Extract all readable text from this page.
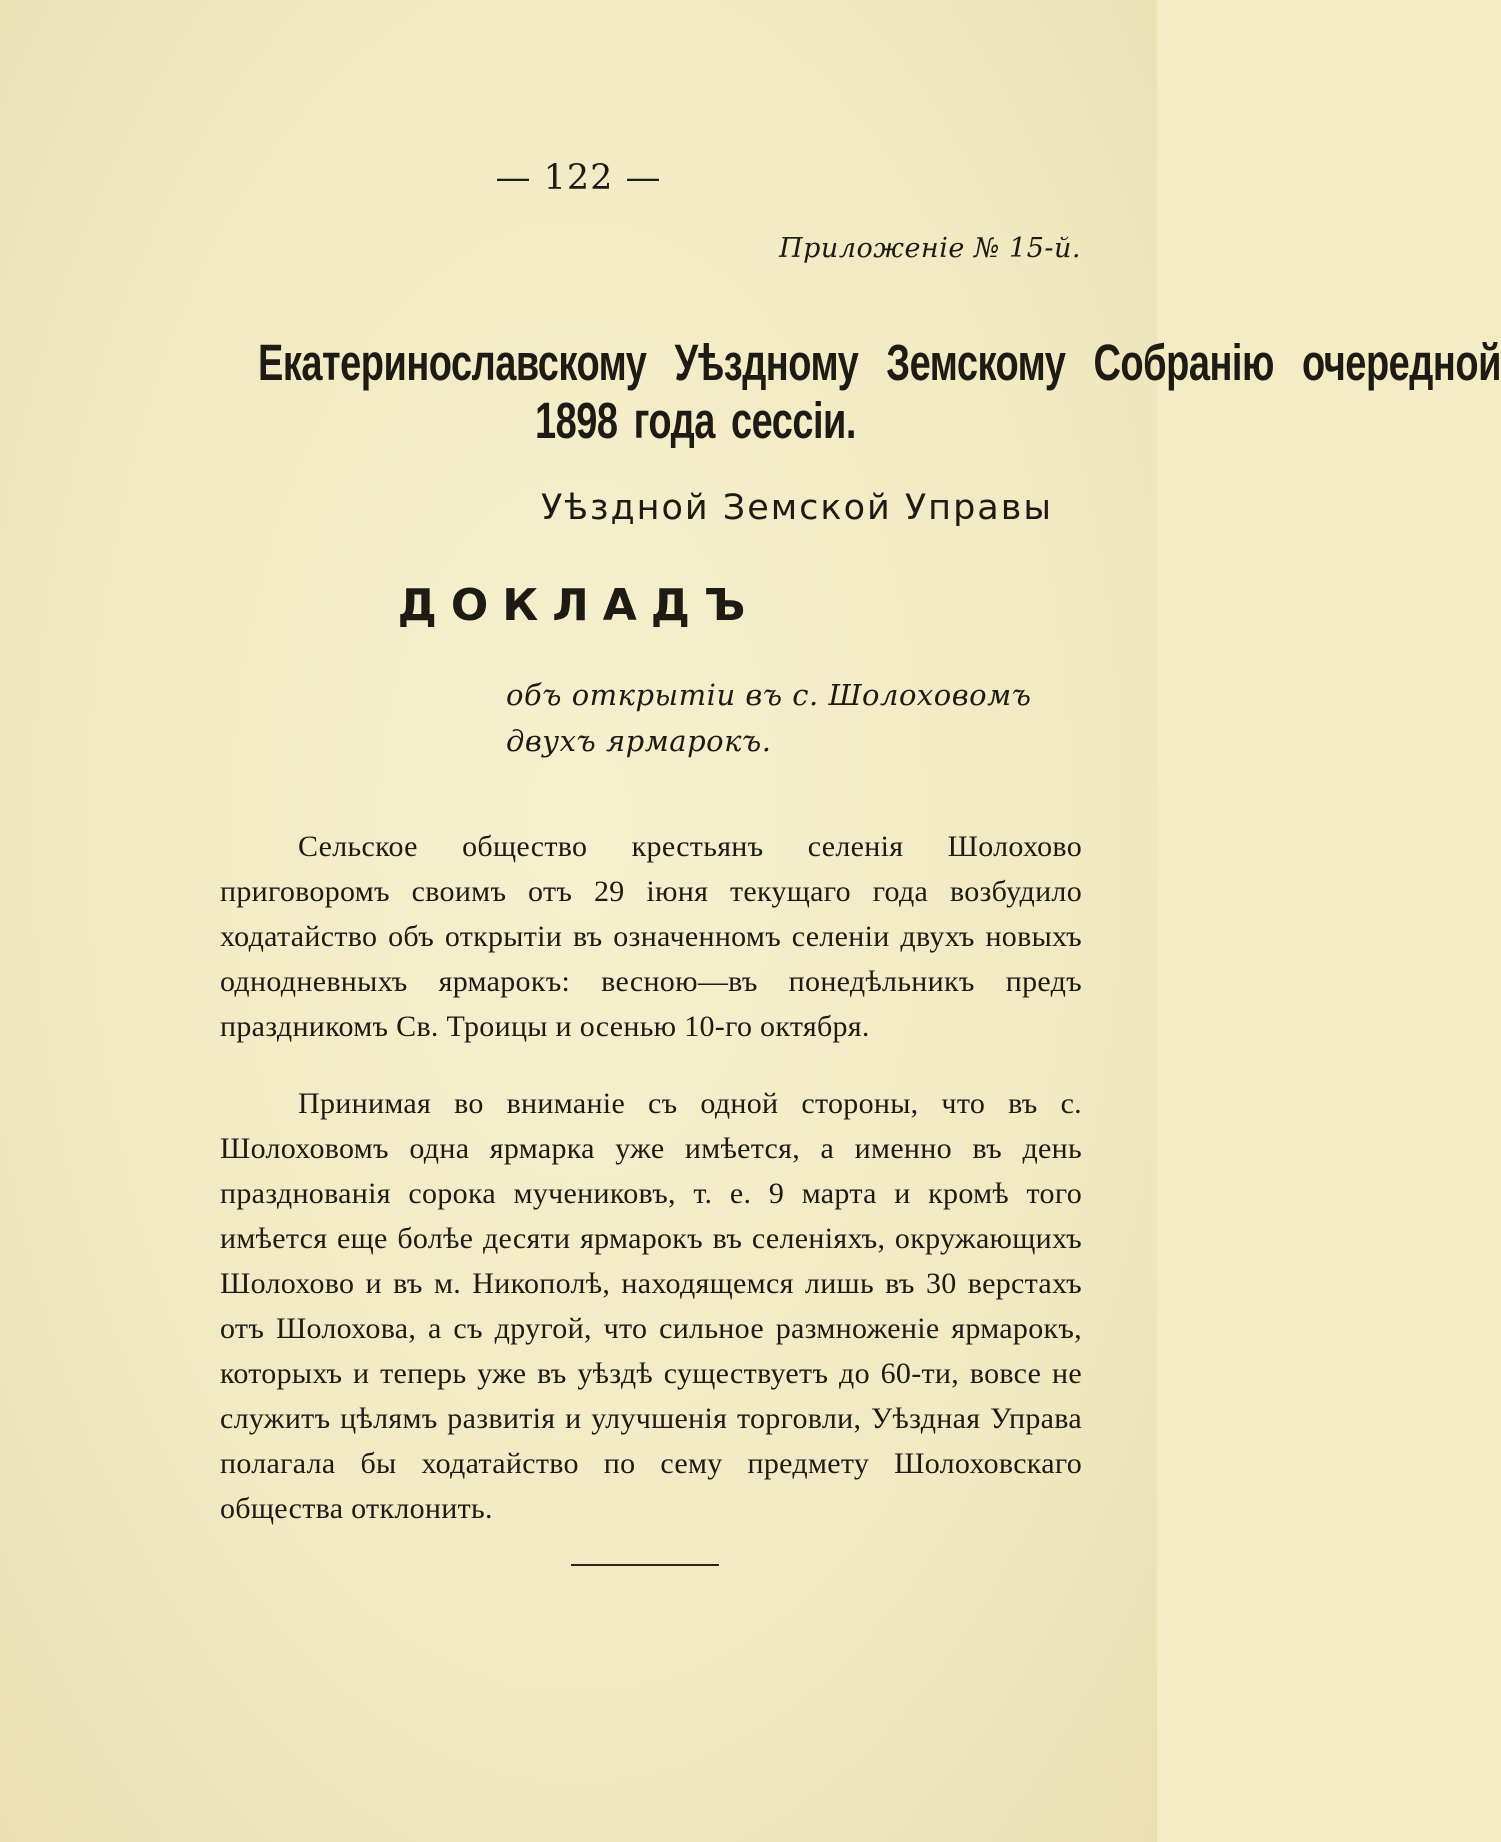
— 122 —
Приложеніе № 15-й.
Екатеринославскому Уѣздному Земскому Собранію очередной
1898 года сессіи.
Уѣздной Земской Управы
ДОКЛАДЪ
объ открытіи въ с. Шолоховомъ двухъ ярмарокъ.

Сельское общество крестьянъ селенія Шолохово приговоромъ своимъ отъ 29 іюня текущаго года возбудило ходатайство объ открытіи въ означенномъ селеніи двухъ новыхъ однодневныхъ ярмарокъ: весною—въ понедѣльникъ предъ праздникомъ Св. Троицы и осенью 10-го октября.

Принимая во вниманіе съ одной стороны, что въ с. Шолоховомъ одна ярмарка уже имѣется, а именно въ день празднованія сорока мучениковъ, т. е. 9 марта и кромѣ того имѣется еще болѣе десяти ярмарокъ въ селеніяхъ, окружающихъ Шолохово и въ м. Никополѣ, находящемся лишь въ 30 верстахъ отъ Шолохова, а съ другой, что сильное размноженіе ярмарокъ, которыхъ и теперь уже въ уѣздѣ существуетъ до 60-ти, вовсе не служитъ цѣлямъ развитія и улучшенія торговли, Уѣздная Управа полагала бы ходатайство по сему предмету Шолоховскаго общества отклонить.
